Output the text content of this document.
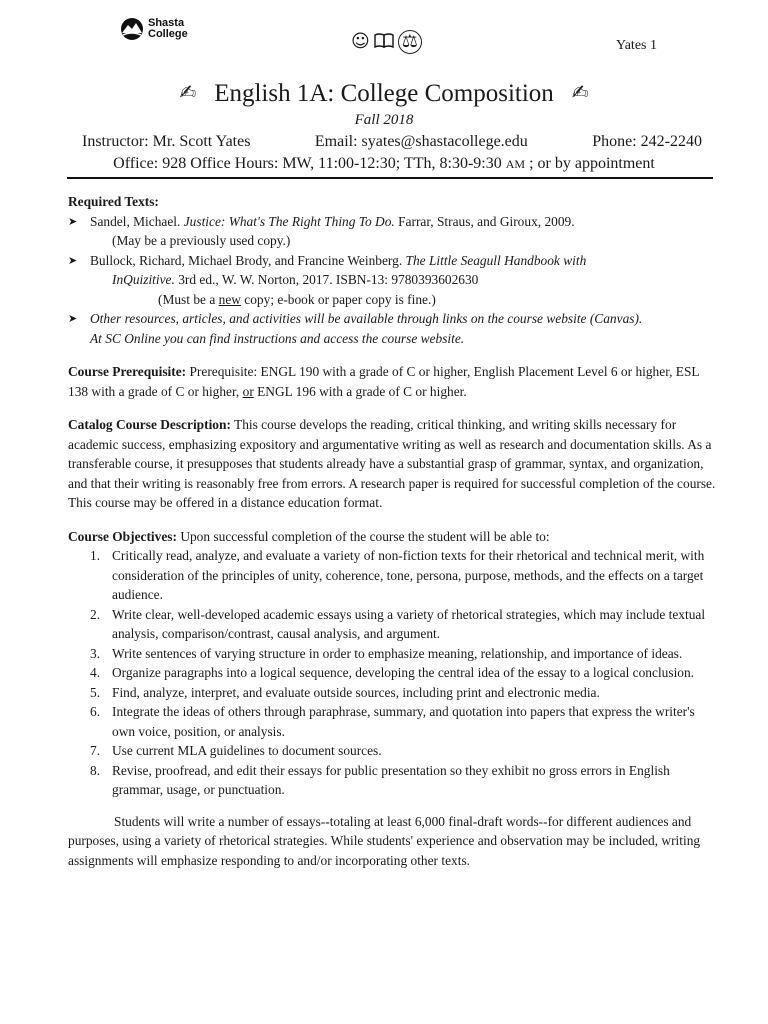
Shasta
College	☺ ⚖	Yates 1
✍ English 1A: College Composition ✍
Fall 2018
Instructor: Mr. Scott Yates	Email: syates@shastacollege.edu	Phone: 242-2240
Office: 928 Office Hours: MW, 11:00-12:30; TTh, 8:30-9:30 AM ; or by appointment

Required Texts:

➤ Sandel, Michael. Justice: What's The Right Thing To Do. Farrar, Straus, and Giroux, 2009.

(May be a previously used copy.)

➤ Bullock, Richard, Michael Brody, and Francine Weinberg. The Little Seagull Handbook with

InQuizitive. 3rd ed., W. W. Norton, 2017. ISBN-13: 9780393602630

(Must be a new copy; e-book or paper copy is fine.)

➤ Other resources, articles, and activities will be available through links on the course website (Canvas).

At SC Online you can find instructions and access the course website.

Course Prerequisite: Prerequisite: ENGL 190 with a grade of C or higher, English Placement Level 6 or higher, ESL 138 with a grade of C or higher, or ENGL 196 with a grade of C or higher.

Catalog Course Description: This course develops the reading, critical thinking, and writing skills necessary for academic success, emphasizing expository and argumentative writing as well as research and documentation skills. As a transferable course, it presupposes that students already have a substantial grasp of grammar, syntax, and organization, and that their writing is reasonably free from errors. A research paper is required for successful completion of the course. This course may be offered in a distance education format.

Course Objectives: Upon successful completion of the course the student will be able to:

1. Critically read, analyze, and evaluate a variety of non-fiction texts for their rhetorical and technical merit, with consideration of the principles of unity, coherence, tone, persona, purpose, methods, and the effects on a target audience.
2. Write clear, well-developed academic essays using a variety of rhetorical strategies, which may include textual analysis, comparison/contrast, causal analysis, and argument.
3. Write sentences of varying structure in order to emphasize meaning, relationship, and importance of ideas.
4. Organize paragraphs into a logical sequence, developing the central idea of the essay to a logical conclusion.
5. Find, analyze, interpret, and evaluate outside sources, including print and electronic media.
6. Integrate the ideas of others through paraphrase, summary, and quotation into papers that express the writer's own voice, position, or analysis.
7. Use current MLA guidelines to document sources.
8. Revise, proofread, and edit their essays for public presentation so they exhibit no gross errors in English grammar, usage, or punctuation.

Students will write a number of essays--totaling at least 6,000 final-draft words--for different audiences and purposes, using a variety of rhetorical strategies. While students' experience and observation may be included, writing assignments will emphasize responding to and/or incorporating other texts.
